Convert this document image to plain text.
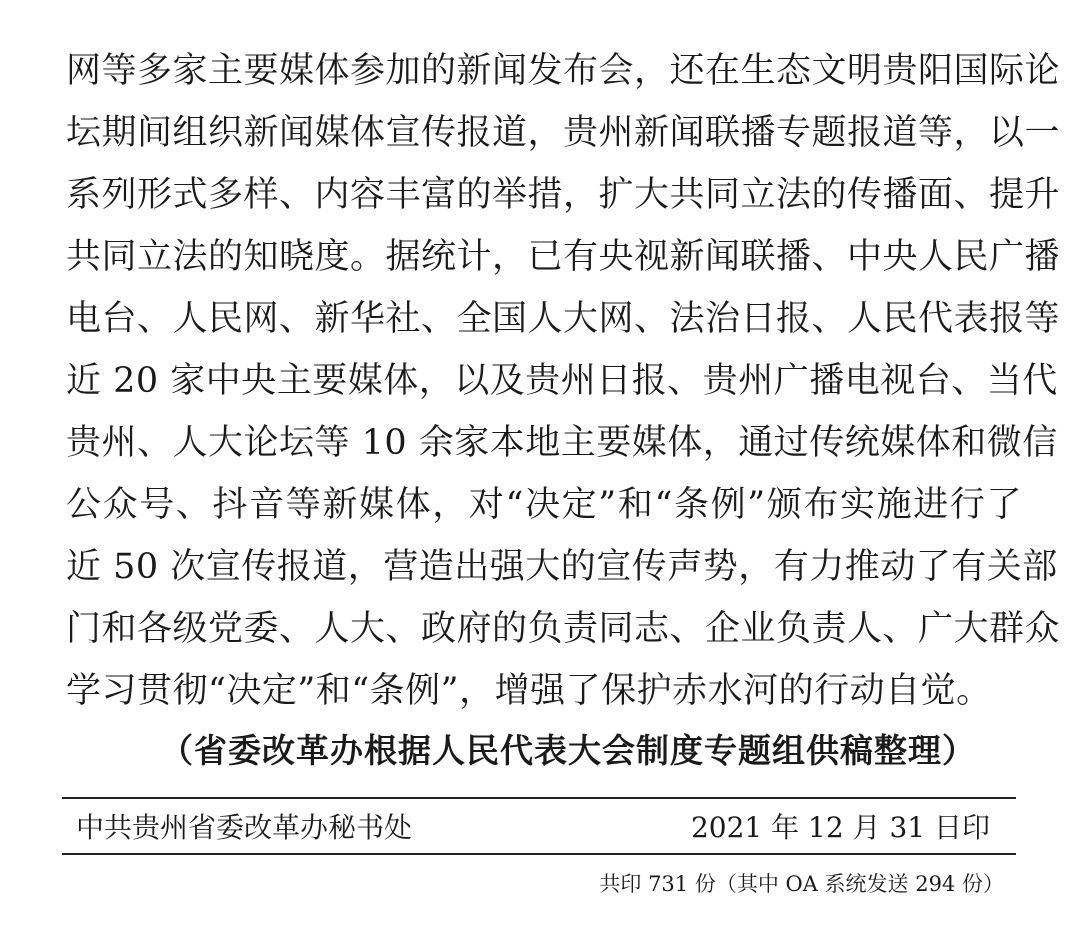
网等多家主要媒体参加的新闻发布会，还在生态文明贵阳国际论
坛期间组织新闻媒体宣传报道，贵州新闻联播专题报道等，以一
系列形式多样、内容丰富的举措，扩大共同立法的传播面、提升
共同立法的知晓度。据统计，已有央视新闻联播、中央人民广播
电台、人民网、新华社、全国人大网、法治日报、人民代表报等
近 20 家中央主要媒体，以及贵州日报、贵州广播电视台、当代
贵州、人大论坛等 10 余家本地主要媒体，通过传统媒体和微信
公众号、抖音等新媒体，对“决定”和“条例”颁布实施进行了
近 50 次宣传报道，营造出强大的宣传声势，有力推动了有关部
门和各级党委、人大、政府的负责同志、企业负责人、广大群众
学习贯彻“决定”和“条例”，增强了保护赤水河的行动自觉。
（省委改革办根据人民代表大会制度专题组供稿整理）
中共贵州省委改革办秘书处	2021 年 12 月 31 日印
共印 731 份（其中 OA 系统发送 294 份）
